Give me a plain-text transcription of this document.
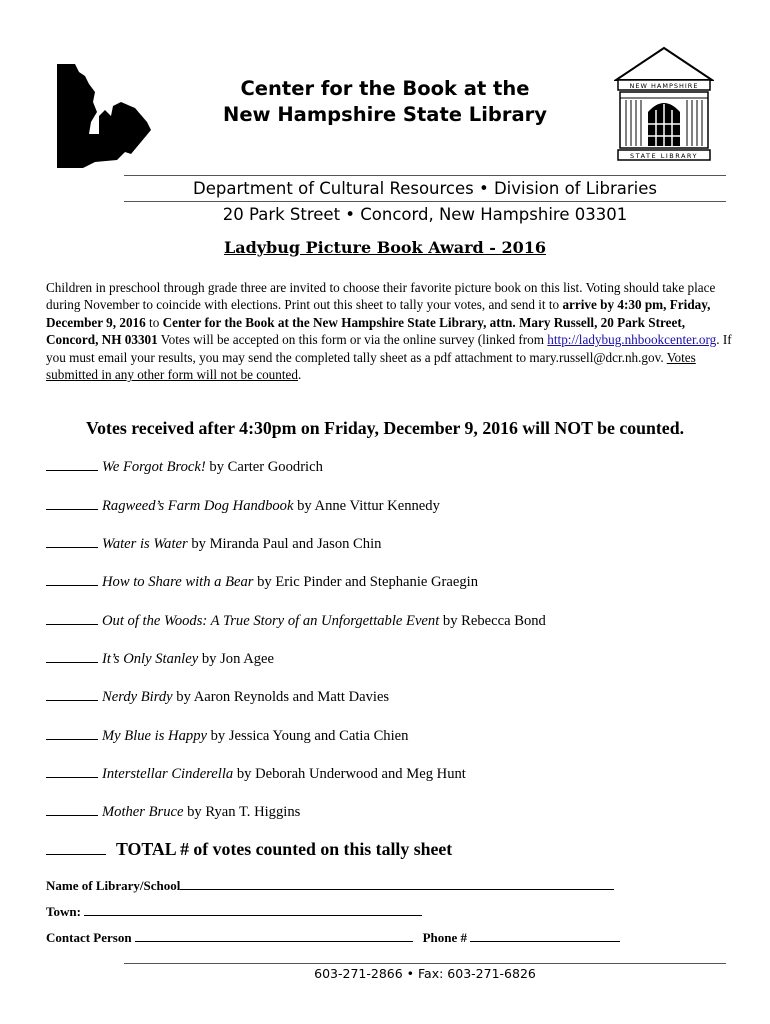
Center for the Book at the
New Hampshire State Library
NEW HAMPSHIRE
STATE LIBRARY
Department of Cultural Resources • Division of Libraries
20 Park Street • Concord, New Hampshire 03301
Ladybug Picture Book Award - 2016
Children in preschool through grade three are invited to choose their favorite picture book on this list. Voting should take place during November to coincide with elections. Print out this sheet to tally your votes, and send it to arrive by 4:30 pm, Friday, December 9, 2016 to Center for the Book at the New Hampshire State Library, attn. Mary Russell, 20 Park Street, Concord, NH 03301 Votes will be accepted on this form or via the online survey (linked from http://ladybug.nhbookcenter.org. If you must email your results, you may send the completed tally sheet as a pdf attachment to mary.russell@dcr.nh.gov. Votes submitted in any other form will not be counted.
Votes received after 4:30pm on Friday, December 9, 2016 will NOT be counted.
We Forgot Brock! by Carter Goodrich
Ragweed’s Farm Dog Handbook by Anne Vittur Kennedy
Water is Water by Miranda Paul and Jason Chin
How to Share with a Bear by Eric Pinder and Stephanie Graegin
Out of the Woods: A True Story of an Unforgettable Event by Rebecca Bond
It’s Only Stanley by Jon Agee
Nerdy Birdy by Aaron Reynolds and Matt Davies
My Blue is Happy by Jessica Young and Catia Chien
Interstellar Cinderella by Deborah Underwood and Meg Hunt
Mother Bruce by Ryan T. Higgins
TOTAL # of votes counted on this tally sheet
Name of Library/School
Town:
Contact Person	Phone #
603-271-2866 • Fax: 603-271-6826
